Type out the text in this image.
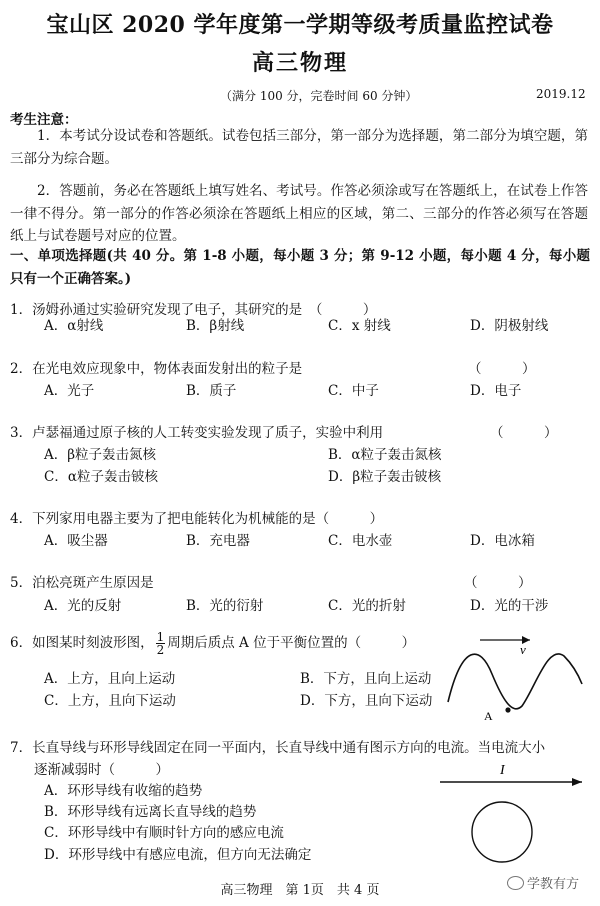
宝山区 2020 学年度第一学期等级考质量监控试卷
高三物理
（满分 100 分，完卷时间 60 分钟）	2019.12
考生注意：
1．本考试分设试卷和答题纸。试卷包括三部分，第一部分为选择题，第二部分为填空题，第三部分为综合题。
2．答题前，务必在答题纸上填写姓名、考试号。作答必须涂或写在答题纸上，在试卷上作答一律不得分。第一部分的作答必须涂在答题纸上相应的区域，第二、三部分的作答必须写在答题纸上与试卷题号对应的位置。
一、单项选择题(共 40 分。第 1-8 小题，每小题 3 分；第 9-12 小题，每小题 4 分，每小题只有一个正确答案。)
1．汤姆孙通过实验研究发现了电子，其研究的是　（　　　）
A．α射线	B．β射线	C．x 射线	D．阴极射线
2．在光电效应现象中，物体表面发射出的粒子是	（　　　）
A．光子	B．质子	C．中子	D．电子
3．卢瑟福通过原子核的人工转变实验发现了质子，实验中利用	（　　　）
A．β粒子轰击氮核	B．α粒子轰击氮核
C．α粒子轰击铍核	D．β粒子轰击铍核
4．下列家用电器主要为了把电能转化为机械能的是（　　　）
A．吸尘器	B．充电器	C．电水壶	D．电冰箱
5．泊松亮斑产生原因是	（　　　）
A．光的反射	B．光的衍射	C．光的折射	D．光的干涉
6．如图某时刻波形图， $\frac{1}{2}$ 周期后质点 A 位于平衡位置的（　　　）
A．上方，且向上运动	B．下方，且向上运动
C．上方，且向下运动	D．下方，且向下运动
v
A
7．长直导线与环形导线固定在同一平面内，长直导线中通有图示方向的电流。当电流大小
逐渐减弱时（　　　）
A．环形导线有收缩的趋势
B．环形导线有远离长直导线的趋势
C．环形导线中有顺时针方向的感应电流
D．环形导线中有感应电流，但方向无法确定
I
高三物理　第 1页　共 4 页	学教有方
